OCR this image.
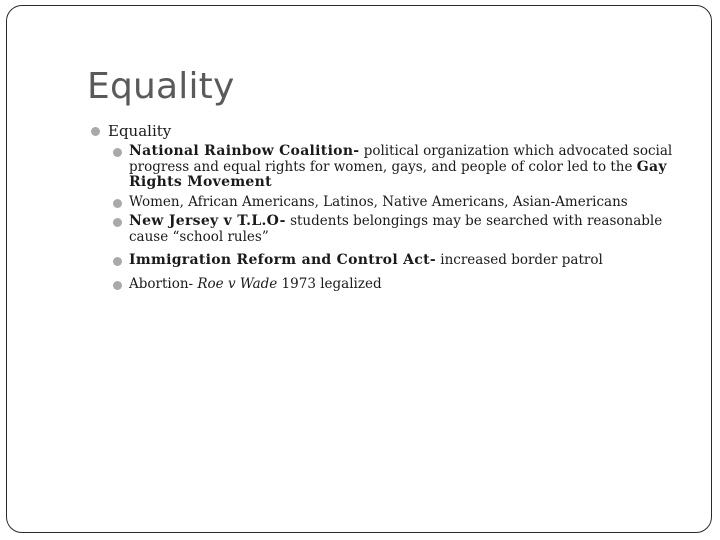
Equality
Equality
National Rainbow Coalition- political organization which advocated social progress and equal rights for women, gays, and people of color led to the Gay Rights Movement
Women, African Americans, Latinos, Native Americans, Asian-Americans
New Jersey v T.L.O- students belongings may be searched with reasonable cause “school rules”
Immigration Reform and Control Act- increased border patrol
Abortion- Roe v Wade 1973 legalized
